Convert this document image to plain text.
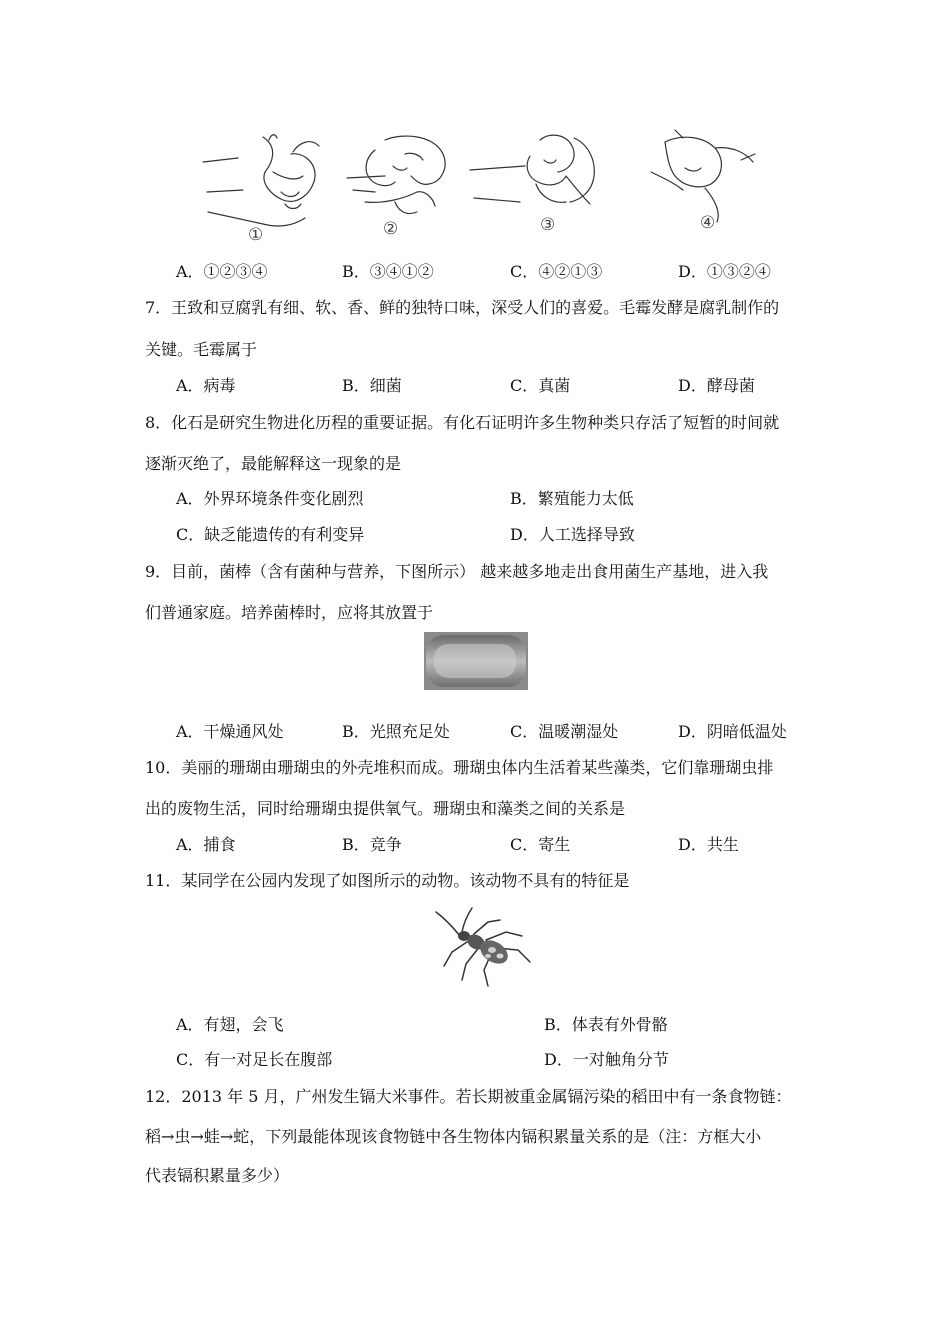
①	②	③	④
A．①②③④	B．③④①②	C．④②①③	D．①③②④
7．王致和豆腐乳有细、软、香、鲜的独特口味，深受人们的喜爱。毛霉发酵是腐乳制作的
关键。毛霉属于
A．病毒	B．细菌	C．真菌	D．酵母菌
8．化石是研究生物进化历程的重要证据。有化石证明许多生物种类只存活了短暂的时间就
逐渐灭绝了，最能解释这一现象的是
A．外界环境条件变化剧烈	B．繁殖能力太低
C．缺乏能遗传的有利变异	D．人工选择导致
9．目前，菌棒（含有菌种与营养，下图所示） 越来越多地走出食用菌生产基地，进入我
们普通家庭。培养菌棒时，应将其放置于
A．干燥通风处	B．光照充足处	C．温暖潮湿处	D．阴暗低温处
10．美丽的珊瑚由珊瑚虫的外壳堆积而成。珊瑚虫体内生活着某些藻类，它们靠珊瑚虫排
出的废物生活，同时给珊瑚虫提供氧气。珊瑚虫和藻类之间的关系是
A．捕食	B．竞争	C．寄生	D．共生
11．某同学在公园内发现了如图所示的动物。该动物不具有的特征是
A．有翅，会飞	B．体表有外骨骼
C．有一对足长在腹部	D．一对触角分节
12．2013 年 5 月，广州发生镉大米事件。若长期被重金属镉污染的稻田中有一条食物链：
稻→虫→蛙→蛇，下列最能体现该食物链中各生物体内镉积累量关系的是（注：方框大小
代表镉积累量多少）
